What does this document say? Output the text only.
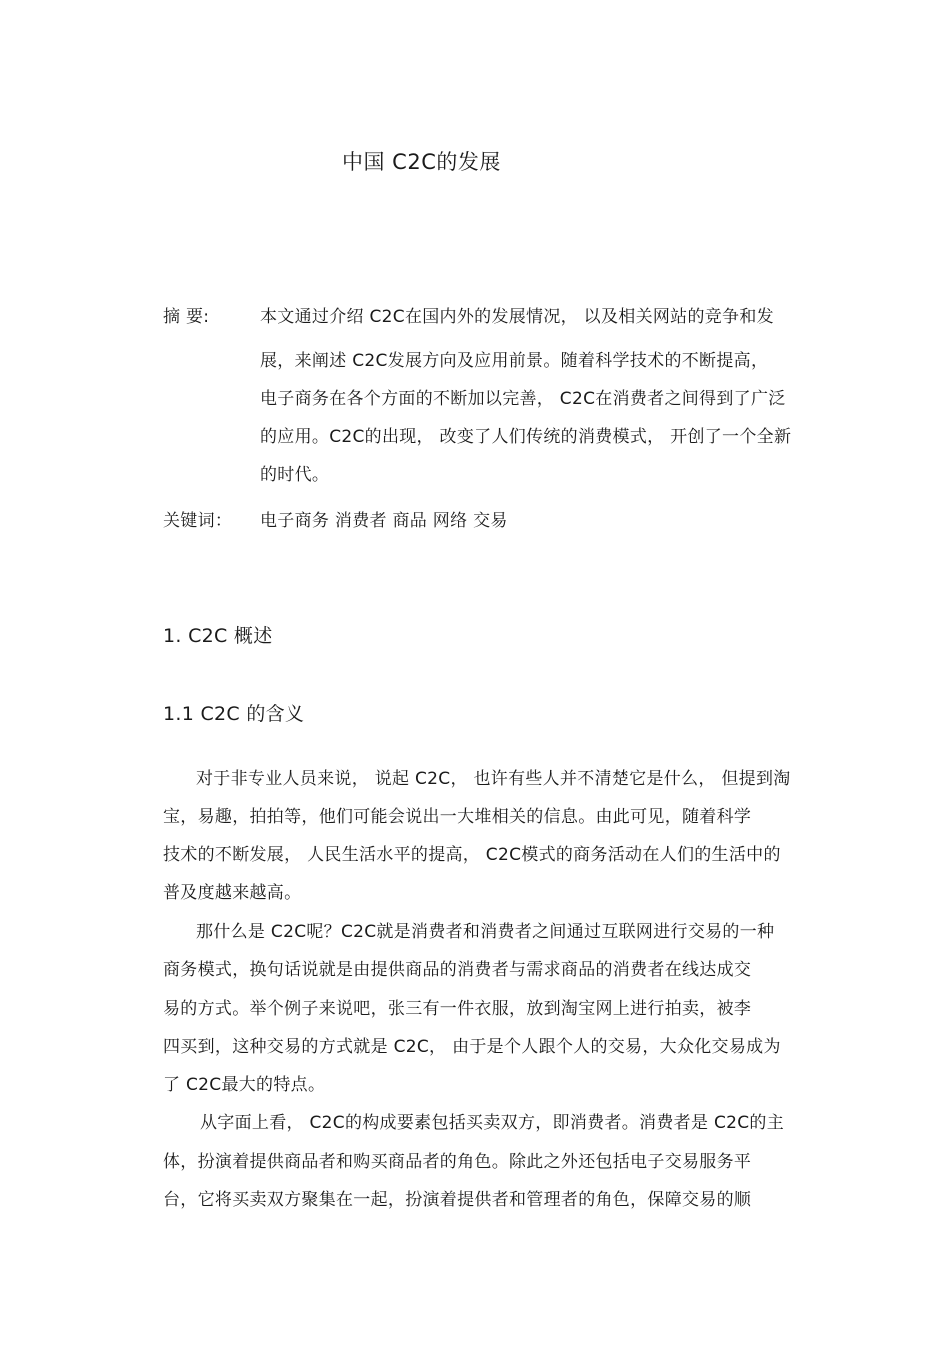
中国 C2C的发展
摘 要:	本文通过介绍 C2C在国内外的发展情况， 以及相关网站的竞争和发
展，来阐述 C2C发展方向及应用前景。随着科学技术的不断提高，
电子商务在各个方面的不断加以完善， C2C在消费者之间得到了广泛
的应用。C2C的出现， 改变了人们传统的消费模式， 开创了一个全新
的时代。
关键词： 电子商务 消费者 商品 网络 交易
1. C2C 概述
1.1 C2C 的含义
对于非专业人员来说， 说起 C2C， 也许有些人并不清楚它是什么， 但提到淘
宝，易趣，拍拍等，他们可能会说出一大堆相关的信息。由此可见，随着科学
技术的不断发展， 人民生活水平的提高， C2C模式的商务活动在人们的生活中的
普及度越来越高。
那什么是 C2C呢？C2C就是消费者和消费者之间通过互联网进行交易的一种
商务模式，换句话说就是由提供商品的消费者与需求商品的消费者在线达成交
易的方式。举个例子来说吧，张三有一件衣服，放到淘宝网上进行拍卖，被李
四买到，这种交易的方式就是 C2C， 由于是个人跟个人的交易，大众化交易成为
了 C2C最大的特点。
从字面上看， C2C的构成要素包括买卖双方，即消费者。消费者是 C2C的主
体，扮演着提供商品者和购买商品者的角色。除此之外还包括电子交易服务平
台，它将买卖双方聚集在一起，扮演着提供者和管理者的角色，保障交易的顺
